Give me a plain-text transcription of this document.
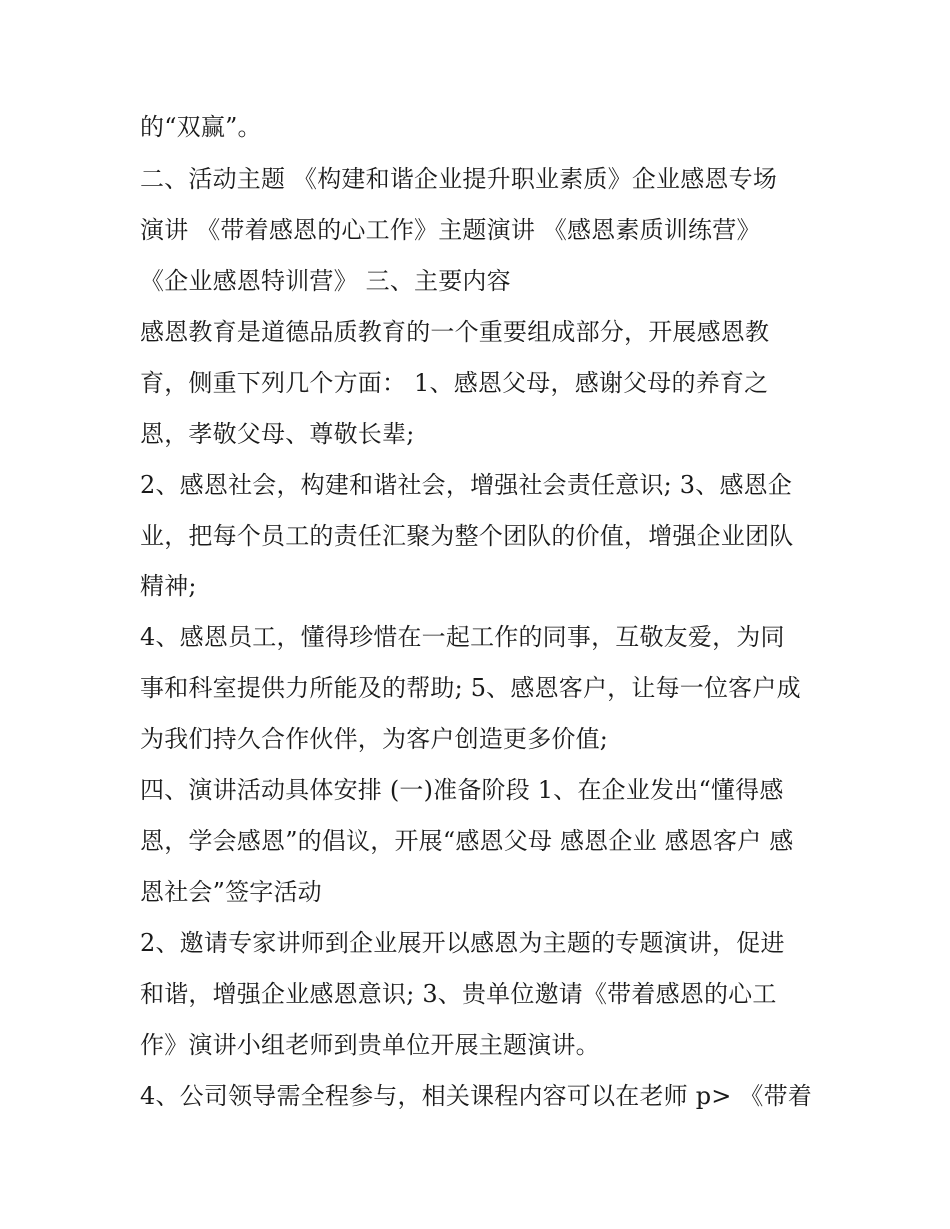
的“双赢”。
二、活动主题 《构建和谐企业提升职业素质》企业感恩专场
演讲 《带着感恩的心工作》主题演讲 《感恩素质训练营》
《企业感恩特训营》 三、主要内容
感恩教育是道德品质教育的一个重要组成部分，开展感恩教
育，侧重下列几个方面： 1、感恩父母，感谢父母的养育之
恩，孝敬父母、尊敬长辈;
2、感恩社会，构建和谐社会，增强社会责任意识; 3、感恩企
业，把每个员工的责任汇聚为整个团队的价值，增强企业团队
精神;
4、感恩员工，懂得珍惜在一起工作的同事，互敬友爱，为同
事和科室提供力所能及的帮助; 5、感恩客户，让每一位客户成
为我们持久合作伙伴，为客户创造更多价值;
四、演讲活动具体安排 (一)准备阶段 1、在企业发出“懂得感
恩，学会感恩”的倡议，开展“感恩父母 感恩企业 感恩客户 感
恩社会”签字活动
2、邀请专家讲师到企业展开以感恩为主题的专题演讲，促进
和谐，增强企业感恩意识; 3、贵单位邀请《带着感恩的心工
作》演讲小组老师到贵单位开展主题演讲。
4、公司领导需全程参与，相关课程内容可以在老师 p> 《带着
